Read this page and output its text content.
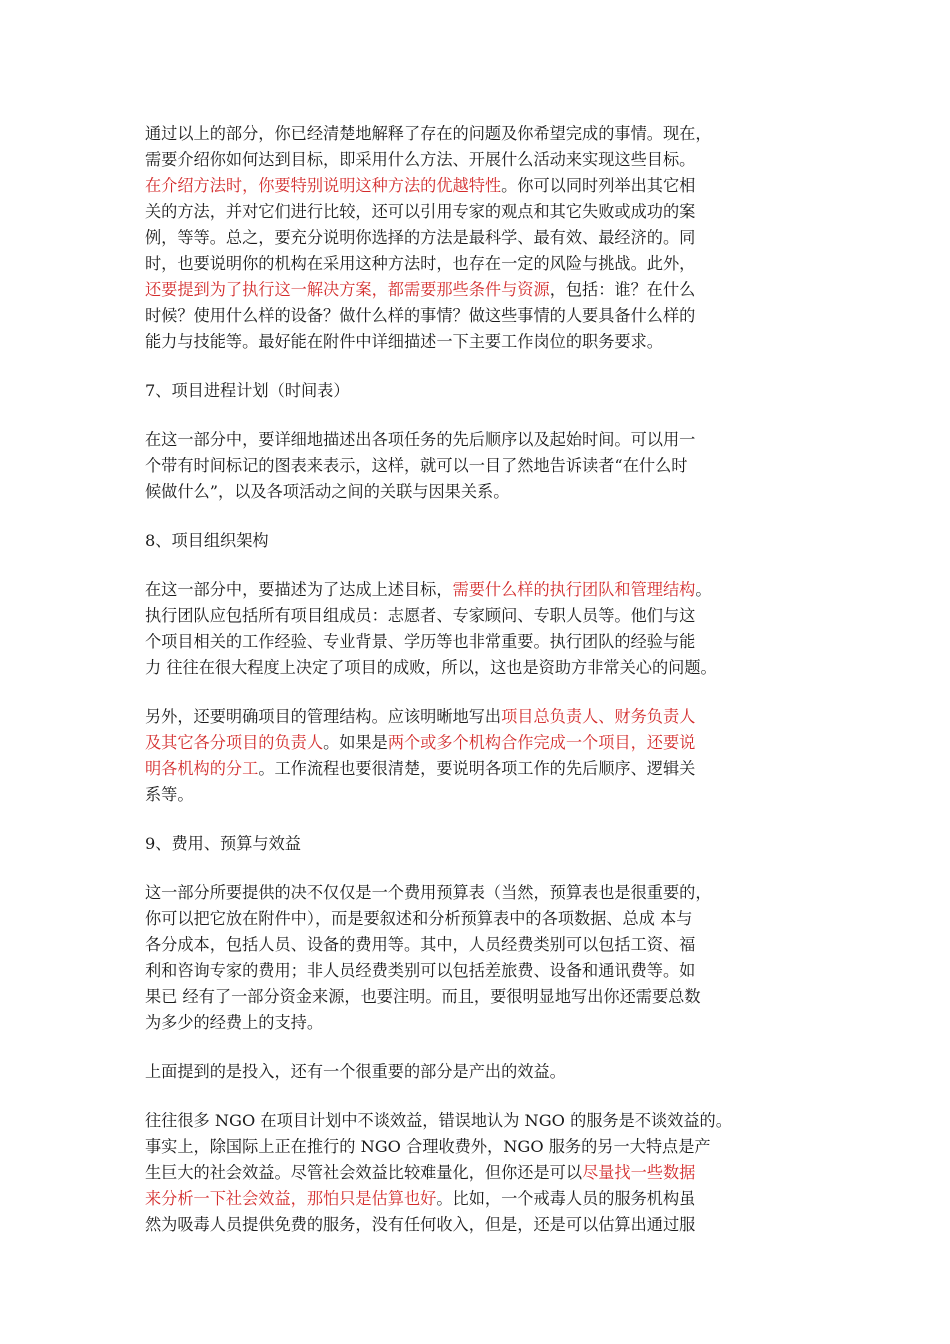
通过以上的部分，你已经清楚地解释了存在的问题及你希望完成的事情。现在，
需要介绍你如何达到目标，即采用什么方法、开展什么活动来实现这些目标。
在介绍方法时，你要特别说明这种方法的优越特性。你可以同时列举出其它相
关的方法，并对它们进行比较，还可以引用专家的观点和其它失败或成功的案
例，等等。总之，要充分说明你选择的方法是最科学、最有效、最经济的。同
时，也要说明你的机构在采用这种方法时，也存在一定的风险与挑战。此外，
还要提到为了执行这一解决方案，都需要那些条件与资源，包括：谁？在什么
时候？使用什么样的设备？做什么样的事情？做这些事情的人要具备什么样的
能力与技能等。最好能在附件中详细描述一下主要工作岗位的职务要求。

7、项目进程计划（时间表）

在这一部分中，要详细地描述出各项任务的先后顺序以及起始时间。可以用一
个带有时间标记的图表来表示，这样，就可以一目了然地告诉读者“在什么时
候做什么”，以及各项活动之间的关联与因果关系。

8、项目组织架构

在这一部分中，要描述为了达成上述目标，需要什么样的执行团队和管理结构。
执行团队应包括所有项目组成员：志愿者、专家顾问、专职人员等。他们与这
个项目相关的工作经验、专业背景、学历等也非常重要。执行团队的经验与能
力 往往在很大程度上决定了项目的成败，所以，这也是资助方非常关心的问题。

另外，还要明确项目的管理结构。应该明晰地写出项目总负责人、财务负责人
及其它各分项目的负责人。如果是两个或多个机构合作完成一个项目，还要说
明各机构的分工。工作流程也要很清楚，要说明各项工作的先后顺序、逻辑关
系等。

9、费用、预算与效益

这一部分所要提供的决不仅仅是一个费用预算表（当然，预算表也是很重要的，
你可以把它放在附件中），而是要叙述和分析预算表中的各项数据、总成 本与
各分成本，包括人员、设备的费用等。其中，人员经费类别可以包括工资、福
利和咨询专家的费用；非人员经费类别可以包括差旅费、设备和通讯费等。如
果已 经有了一部分资金来源，也要注明。而且，要很明显地写出你还需要总数
为多少的经费上的支持。

上面提到的是投入，还有一个很重要的部分是产出的效益。

往往很多 NGO 在项目计划中不谈效益，错误地认为 NGO 的服务是不谈效益的。
事实上，除国际上正在推行的 NGO 合理收费外，NGO 服务的另一大特点是产
生巨大的社会效益。尽管社会效益比较难量化，但你还是可以尽量找一些数据
来分析一下社会效益，那怕只是估算也好。比如，一个戒毒人员的服务机构虽
然为吸毒人员提供免费的服务，没有任何收入，但是，还是可以估算出通过服
